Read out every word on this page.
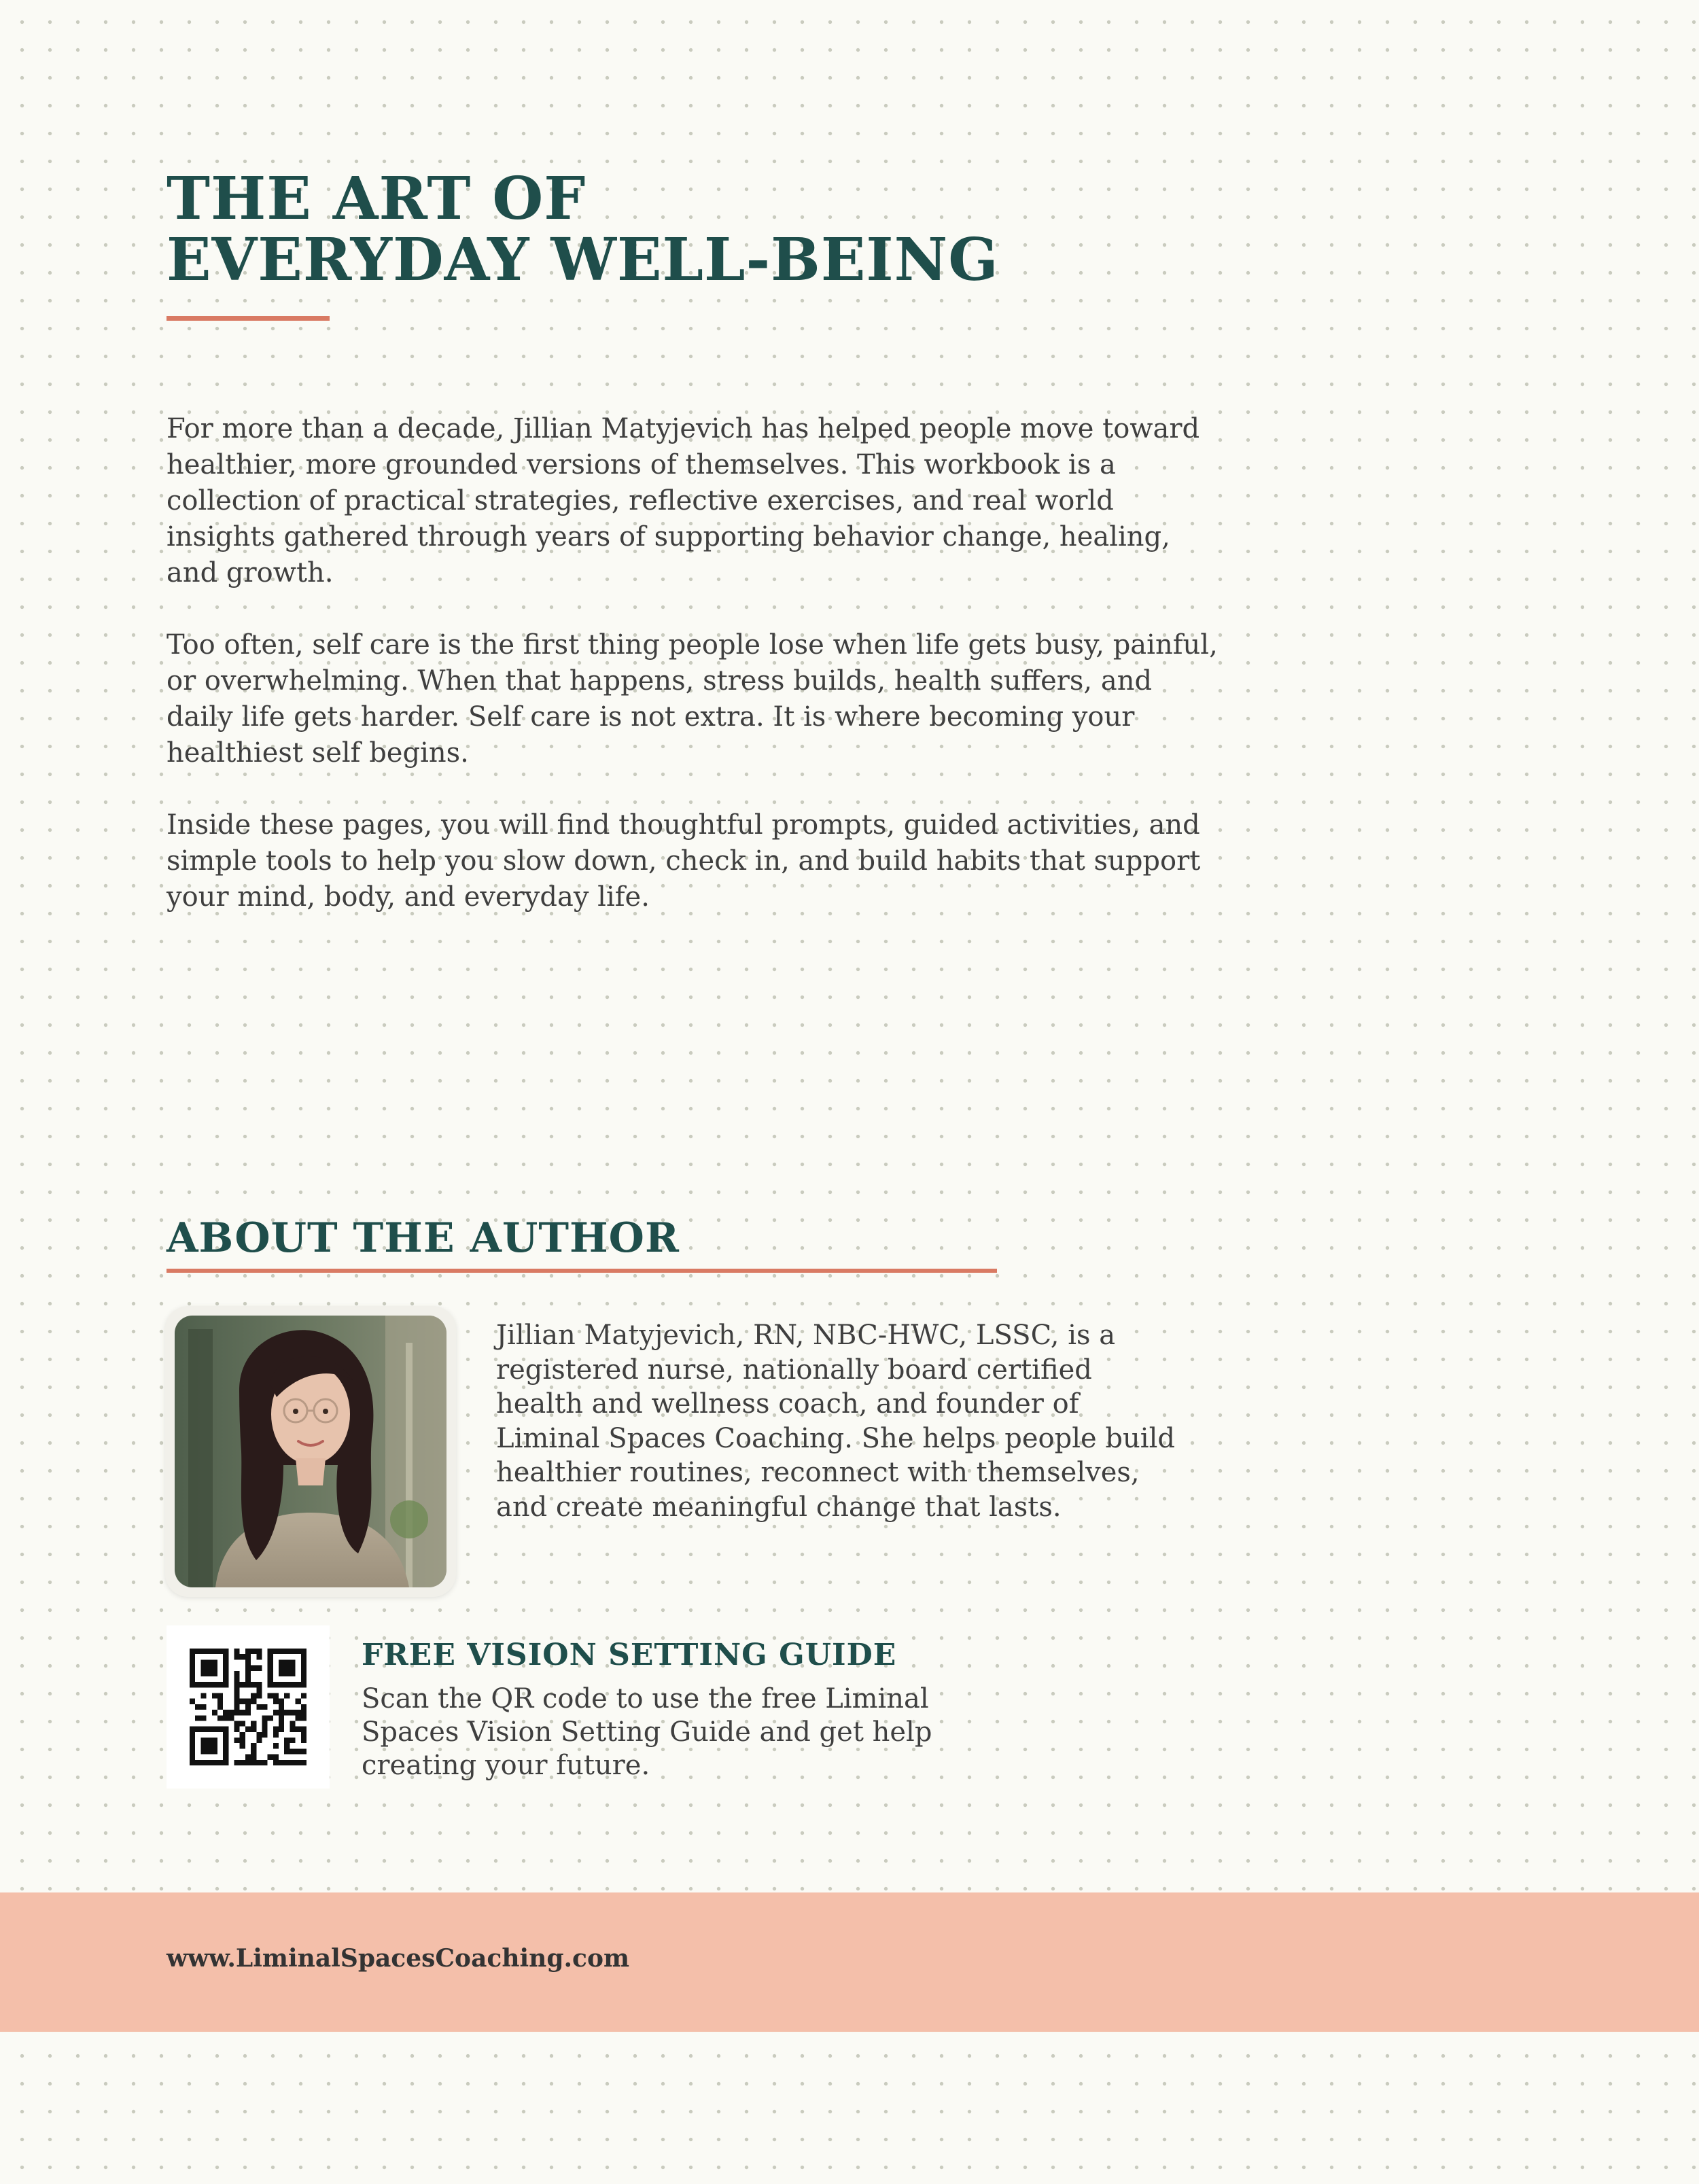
THE ART OF
EVERYDAY WELL-BEING

For more than a decade, Jillian Matyjevich has helped people move toward healthier, more grounded versions of themselves. This workbook is a collection of practical strategies, reflective exercises, and real world insights gathered through years of supporting behavior change, healing, and growth.

Too often, self care is the first thing people lose when life gets busy, painful, or overwhelming. When that happens, stress builds, health suffers, and daily life gets harder. Self care is not extra. It is where becoming your healthiest self begins.

Inside these pages, you will find thoughtful prompts, guided activities, and simple tools to help you slow down, check in, and build habits that support your mind, body, and everyday life.

ABOUT THE AUTHOR

Jillian Matyjevich, RN, NBC-HWC, LSSC, is a registered nurse, nationally board certified health and wellness coach, and founder of Liminal Spaces Coaching. She helps people build healthier routines, reconnect with themselves, and create meaningful change that lasts.

FREE VISION SETTING GUIDE

Scan the QR code to use the free Liminal Spaces Vision Setting Guide and get help creating your future.

www.LiminalSpacesCoaching.com
